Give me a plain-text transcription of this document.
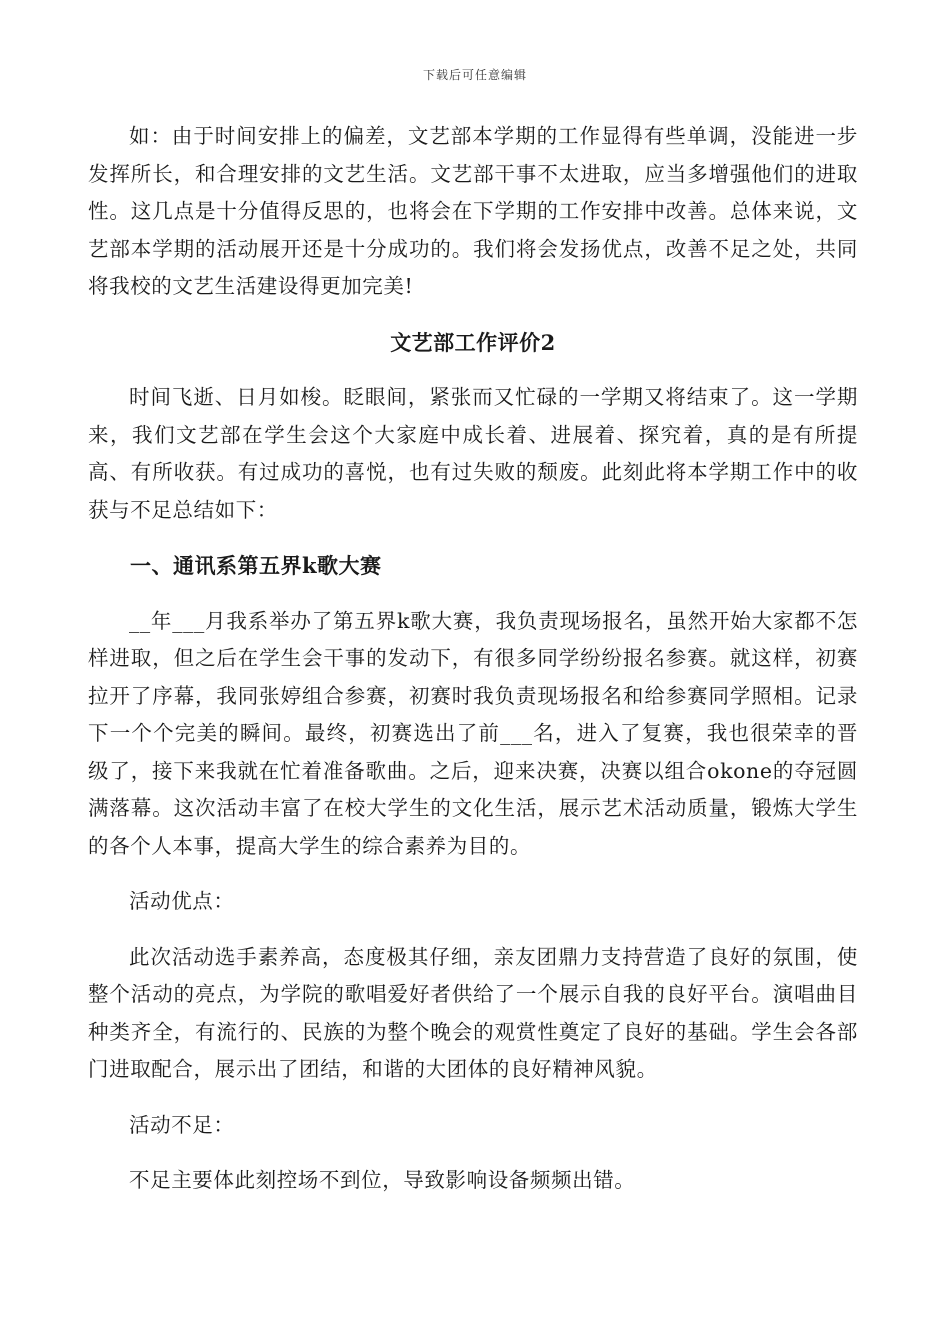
下载后可任意编辑

如：由于时间安排上的偏差，文艺部本学期的工作显得有些单调，没能进一步发挥所长，和合理安排的文艺生活。文艺部干事不太进取，应当多增强他们的进取性。这几点是十分值得反思的，也将会在下学期的工作安排中改善。总体来说，文艺部本学期的活动展开还是十分成功的。我们将会发扬优点，改善不足之处，共同将我校的文艺生活建设得更加完美!

文艺部工作评价2

时间飞逝、日月如梭。眨眼间，紧张而又忙碌的一学期又将结束了。这一学期来，我们文艺部在学生会这个大家庭中成长着、进展着、探究着，真的是有所提高、有所收获。有过成功的喜悦，也有过失败的颓废。此刻此将本学期工作中的收获与不足总结如下：

一、通讯系第五界k歌大赛

__年___月我系举办了第五界k歌大赛，我负责现场报名，虽然开始大家都不怎样进取，但之后在学生会干事的发动下，有很多同学纷纷报名参赛。就这样，初赛拉开了序幕，我同张婷组合参赛，初赛时我负责现场报名和给参赛同学照相。记录下一个个完美的瞬间。最终，初赛选出了前___名，进入了复赛，我也很荣幸的晋级了，接下来我就在忙着准备歌曲。之后，迎来决赛，决赛以组合okone的夺冠圆满落幕。这次活动丰富了在校大学生的文化生活，展示艺术活动质量，锻炼大学生的各个人本事，提高大学生的综合素养为目的。

活动优点：

此次活动选手素养高，态度极其仔细，亲友团鼎力支持营造了良好的氛围，使整个活动的亮点，为学院的歌唱爱好者供给了一个展示自我的良好平台。演唱曲目种类齐全，有流行的、民族的为整个晚会的观赏性奠定了良好的基础。学生会各部门进取配合，展示出了团结，和谐的大团体的良好精神风貌。

活动不足：

不足主要体此刻控场不到位，导致影响设备频频出错。
